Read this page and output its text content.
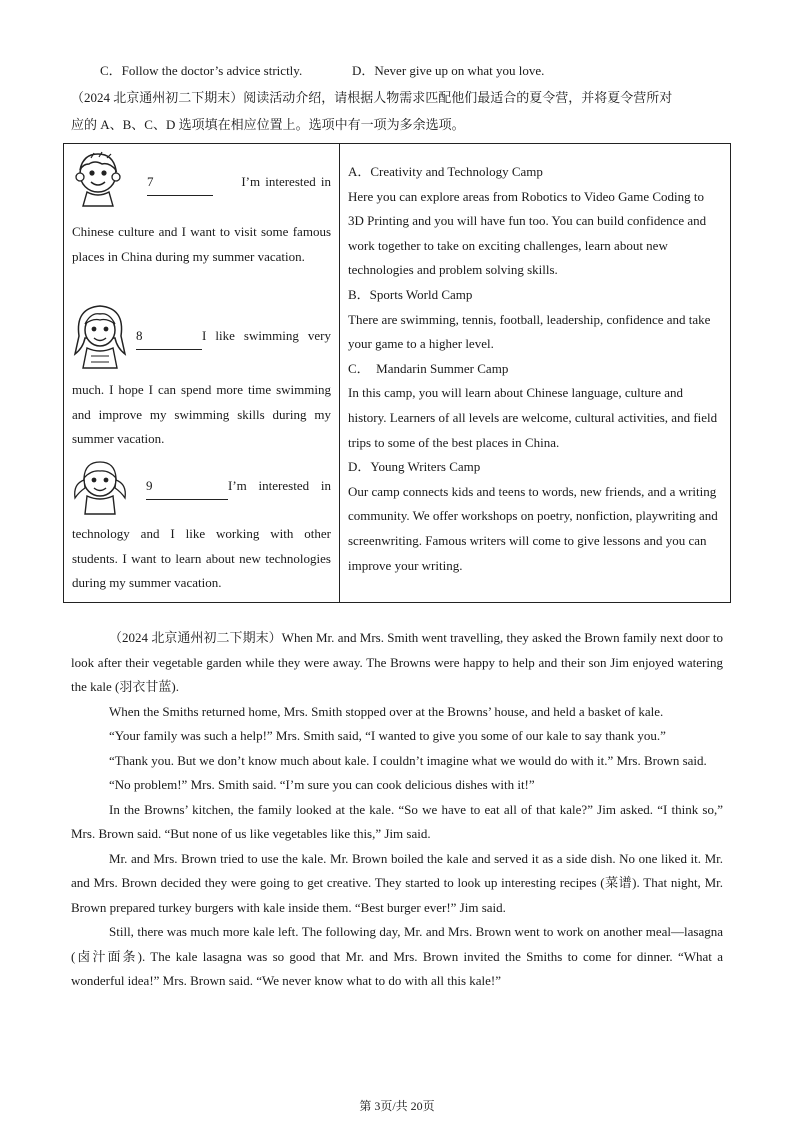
C．Follow the doctor’s advice strictly.	D．Never give up on what you love.
（2024 北京通州初二下期末）阅读活动介绍，请根据人物需求匹配他们最适合的夏令营，并将夏令营所对
应的 A、B、C、D 选项填在相应位置上。选项中有一项为多余选项。
7	I’m interested in
Chinese culture and I want to visit some famous places in China during my summer vacation.
8	I like swimming very
much. I hope I can spend more time swimming and improve my swimming skills during my summer vacation.
9	I’m interested in
technology and I like working with other students. I want to learn about new technologies during my summer vacation.

A．Creativity and Technology Camp

Here you can explore areas from Robotics to Video Game Coding to 3D Printing and you will have fun too. You can build confidence and work together to take on exciting challenges, learn about new technologies and problem solving skills.

B．Sports World Camp

There are swimming, tennis, football, leadership, confidence and take your game to a higher level.

C．  Mandarin Summer Camp

In this camp, you will learn about Chinese language, culture and history. Learners of all levels are welcome, cultural activities, and field trips to some of the best places in China.

D．Young Writers Camp

Our camp connects kids and teens to words, new friends, and a writing community. We offer workshops on poetry, nonfiction, playwriting and screenwriting. Famous writers will come to give lessons and you can improve your writing.

（2024 北京通州初二下期末）When Mr. and Mrs. Smith went travelling, they asked the Brown family next door to look after their vegetable garden while they were away. The Browns were happy to help and their son Jim enjoyed watering the kale (羽衣甘蓝).

When the Smiths returned home, Mrs. Smith stopped over at the Browns’ house, and held a basket of kale.

“Your family was such a help!” Mrs. Smith said, “I wanted to give you some of our kale to say thank you.”

“Thank you. But we don’t know much about kale. I couldn’t imagine what we would do with it.” Mrs. Brown said.

“No problem!” Mrs. Smith said. “I’m sure you can cook delicious dishes with it!”

In the Browns’ kitchen, the family looked at the kale. “So we have to eat all of that kale?” Jim asked. “I think so,” Mrs. Brown said. “But none of us like vegetables like this,” Jim said.

Mr. and Mrs. Brown tried to use the kale. Mr. Brown boiled the kale and served it as a side dish. No one liked it. Mr. and Mrs. Brown decided they were going to get creative. They started to look up interesting recipes (菜谱). That night, Mr. Brown prepared turkey burgers with kale inside them. “Best burger ever!” Jim said.

Still, there was much more kale left. The following day, Mr. and Mrs. Brown went to work on another meal—lasagna (卤汁面条). The kale lasagna was so good that Mr. and Mrs. Brown invited the Smiths to come for dinner. “What a wonderful idea!” Mrs. Brown said. “We never know what to do with all this kale!”

第 3页/共 20页
